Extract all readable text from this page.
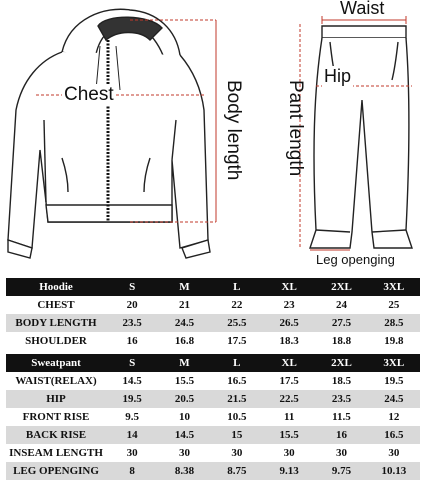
Chest	Body length
Waist
Hip
Pant length
Leg openging
Hoodie	S	M	L	XL	2XL	3XL
CHEST	20	21	22	23	24	25
BODY LENGTH	23.5	24.5	25.5	26.5	27.5	28.5
SHOULDER	16	16.8	17.5	18.3	18.8	19.8
Sweatpant	S	M	L	XL	2XL	3XL
WAIST(RELAX)	14.5	15.5	16.5	17.5	18.5	19.5
HIP	19.5	20.5	21.5	22.5	23.5	24.5
FRONT RISE	9.5	10	10.5	11	11.5	12
BACK RISE	14	14.5	15	15.5	16	16.5
INSEAM LENGTH	30	30	30	30	30	30
LEG OPENGING	8	8.38	8.75	9.13	9.75	10.13
